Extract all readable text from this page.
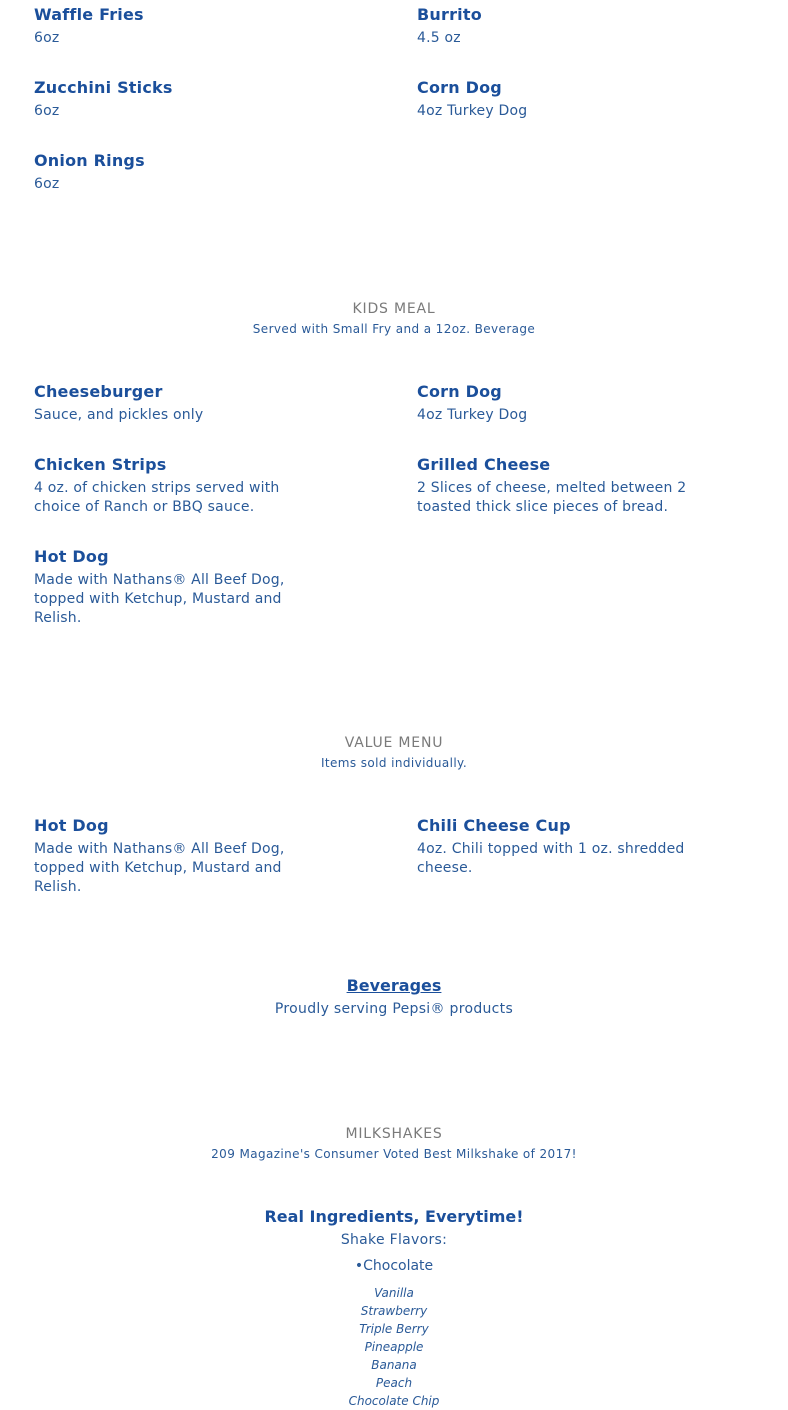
Waffle Fries
6oz
Burrito
4.5 oz
Zucchini Sticks
6oz
Corn Dog
4oz Turkey Dog
Onion Rings
6oz
KIDS MEAL
Served with Small Fry and a 12oz. Beverage
Cheeseburger
Sauce, and pickles only
Corn Dog
4oz Turkey Dog
Chicken Strips
4 oz. of chicken strips served with choice of Ranch or BBQ sauce.
Grilled Cheese
2 Slices of cheese, melted between 2 toasted thick slice pieces of bread.
Hot Dog
Made with Nathans® All Beef Dog, topped with Ketchup, Mustard and Relish.
VALUE MENU
Items sold individually.
Hot Dog
Made with Nathans® All Beef Dog, topped with Ketchup, Mustard and Relish.
Chili Cheese Cup
4oz. Chili topped with 1 oz. shredded cheese.
Beverages
Proudly serving Pepsi® products
MILKSHAKES
209 Magazine's Consumer Voted Best Milkshake of 2017!
Real Ingredients, Everytime!
Shake Flavors:
•Chocolate
Vanilla
Strawberry
Triple Berry
Pineapple
Banana
Peach
Chocolate Chip
